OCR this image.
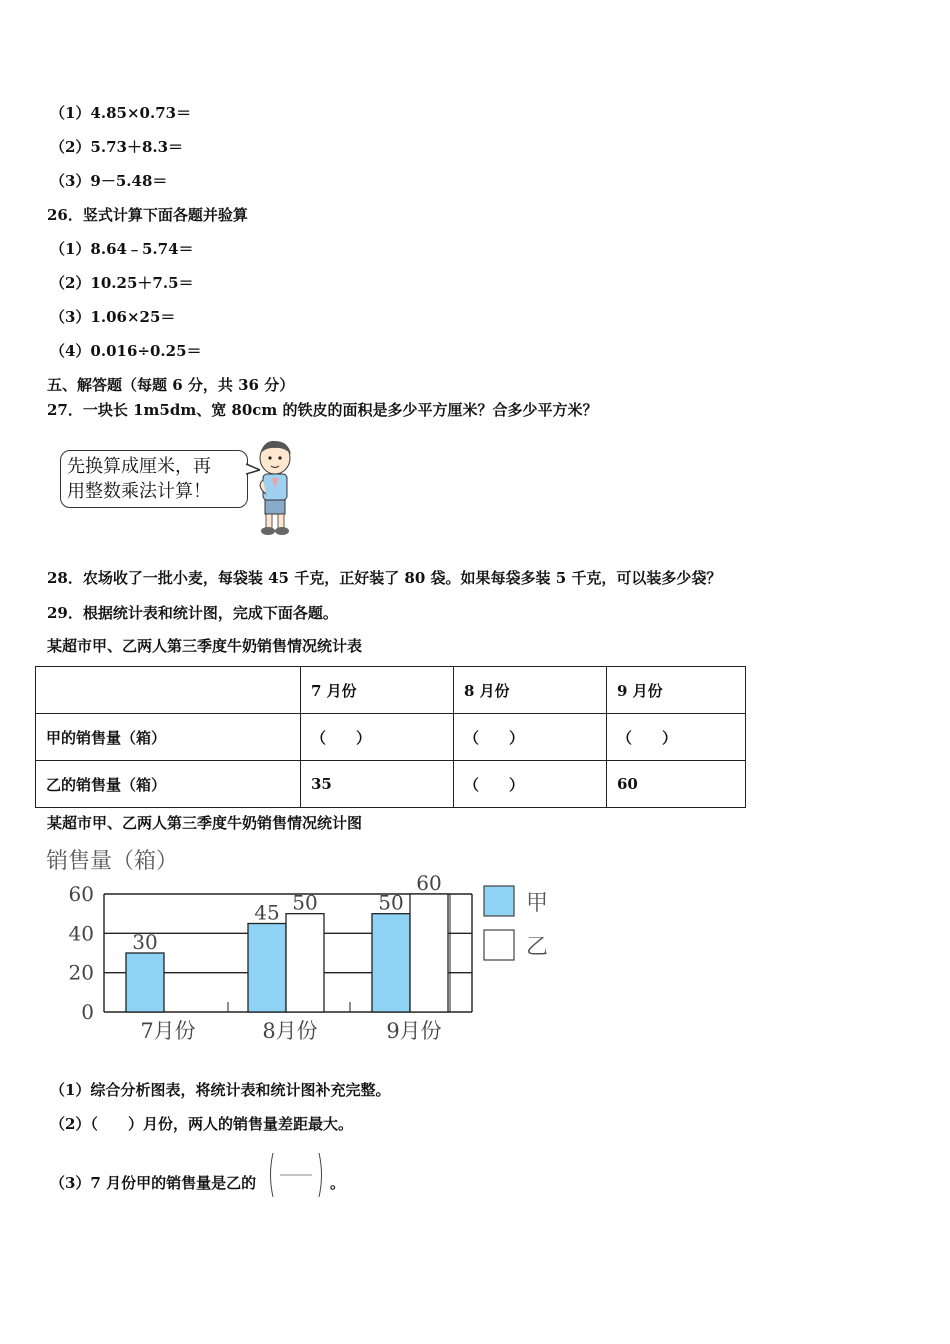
（1）4.85×0.73＝
（2）5.73＋8.3＝
（3）9－5.48＝
26．竖式计算下面各题并验算
（1）8.64﹣5.74＝
（2）10.25＋7.5＝
（3）1.06×25＝
（4）0.016÷0.25＝
五、解答题（每题 6 分，共 36 分）
27．一块长 1m5dm、宽 80cm 的铁皮的面积是多少平方厘米？合多少平方米？
先换算成厘米，再
用整数乘法计算！
28．农场收了一批小麦，每袋装 45 千克，正好装了 80 袋。如果每袋多装 5 千克，可以装多少袋？
29．根据统计表和统计图，完成下面各题。
某超市甲、乙两人第三季度牛奶销售情况统计表
	7 月份	8 月份	9 月份
甲的销售量（箱）	（　　）	（　　）	（　　）
乙的销售量（箱）	35	（　　）	60
某超市甲、乙两人第三季度牛奶销售情况统计图
销售量（箱）
0
20
40
60
30
7月份
45 50
8月份
50
60
9月份
甲
乙
（1）综合分析图表，将统计表和统计图补充完整。
（2）（　　）月份，两人的销售量差距最大。
（3）7 月份甲的销售量是乙的	。
